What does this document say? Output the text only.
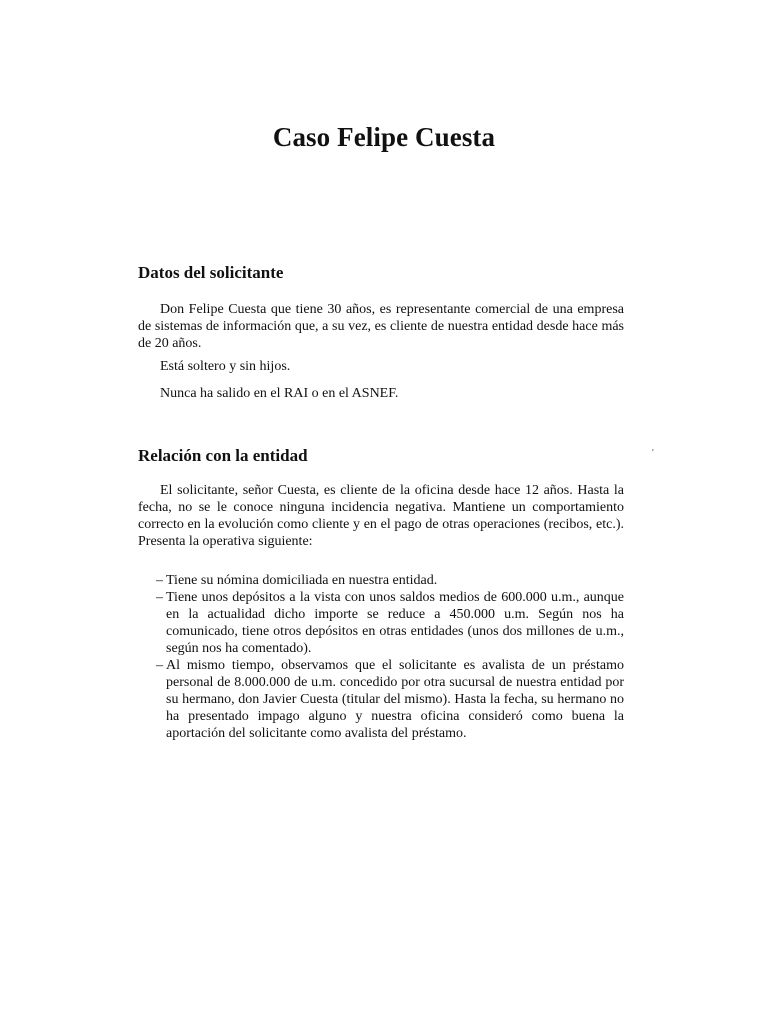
Caso Felipe Cuesta
Datos del solicitante

Don Felipe Cuesta que tiene 30 años, es representante comercial de una empresa de sistemas de información que, a su vez, es cliente de nuestra entidad desde hace más de 20 años.

Está soltero y sin hijos.

Nunca ha salido en el RAI o en el ASNEF.

Relación con la entidad

El solicitante, señor Cuesta, es cliente de la oficina desde hace 12 años. Hasta la fecha, no se le conoce ninguna incidencia negativa. Mantiene un comportamiento correcto en la evolución como cliente y en el pago de otras operaciones (recibos, etc.). Presenta la operativa siguiente:

– Tiene su nómina domiciliada en nuestra entidad.
– Tiene unos depósitos a la vista con unos saldos medios de 600.000 u.m., aunque en la actualidad dicho importe se reduce a 450.000 u.m. Según nos ha comunicado, tiene otros depósitos en otras entidades (unos dos millones de u.m., según nos ha comentado).
– Al mismo tiempo, observamos que el solicitante es avalista de un préstamo personal de 8.000.000 de u.m. concedido por otra sucursal de nuestra entidad por su hermano, don Javier Cuesta (titular del mismo). Hasta la fecha, su hermano no ha presentado impago alguno y nuestra oficina consideró como buena la aportación del solicitante como avalista del préstamo.
'
